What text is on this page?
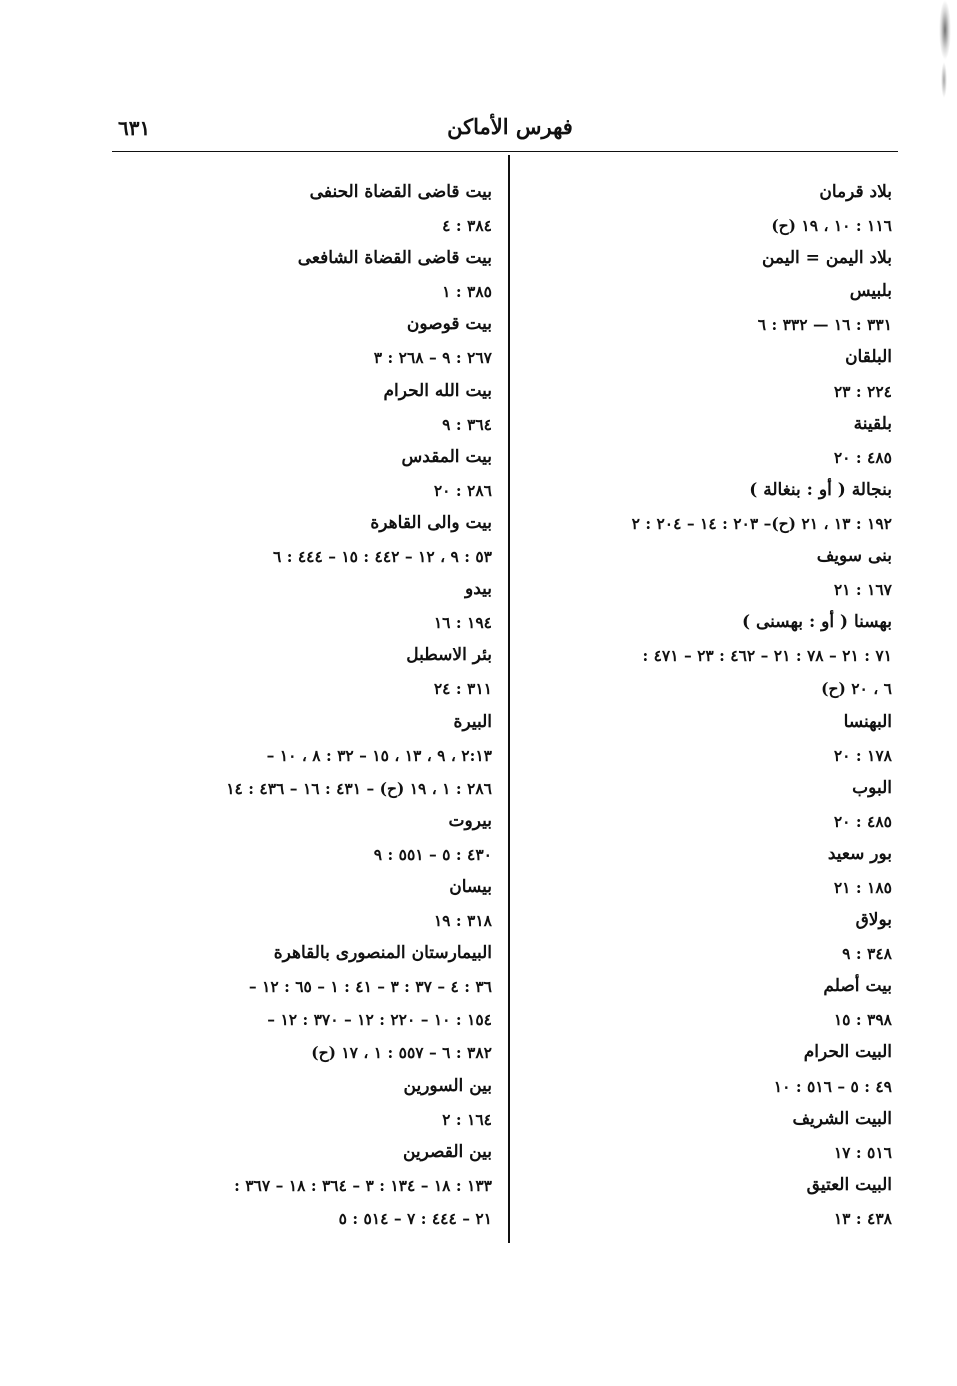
٦٣١	فهرس الأماكن
بلاد قرمان
١١٦ : ١٠ ، ١٩ (ح)
بلاد اليمن = اليمن
بلبيس
٣٣١ : ١٦ — ٣٣٢ : ٦
البلقان
٢٢٤ : ٢٣
بلقينة
٤٨٥ : ٢٠
بنجالة ( أو : بنغالة )
١٩٢ : ١٣ ، ٢١ (ح)– ٢٠٣ : ١٤ – ٢٠٤ : ٢
بنى سويف
١٦٧ : ٢١
بهسنا ( أو : بهسنى )
٧١ : ٢١ – ٧٨ : ٢١ – ٤٦٢ : ٢٣ – ٤٧١ :
٦ ، ٢٠ (ح)
البهنسا
١٧٨ : ٢٠
البوب
٤٨٥ : ٢٠
بور سعيد
١٨٥ : ٢١
بولاق
٣٤٨ : ٩
بيت أصلم
٣٩٨ : ١٥
البيت الحرام
٤٩ : ٥ – ٥١٦ : ١٠
البيت الشريف
٥١٦ : ١٧
البيت العتيق
٤٣٨ : ١٣
بيت قاضى القضاة الحنفى
٣٨٤ : ٤
بيت قاضى القضاة الشافعى
٣٨٥ : ١
بيت قوصون
٢٦٧ : ٩ – ٢٦٨ : ٣
بيت الله الحرام
٣٦٤ : ٩
بيت المقدس
٢٨٦ : ٢٠
بيت والى القاهرة
٥٣ : ٩ ، ١٢ – ٤٤٢ : ١٥ – ٤٤٤ : ٦
بيدو
١٩٤ : ١٦
بئر الاسطبل
٣١١ : ٢٤
البيرة
٢:١٣ ، ٩ ، ١٣ ، ١٥ – ٣٢ : ٨ ، ١٠ –
٢٨٦ : ١ ، ١٩ (ح) – ٤٣١ : ١٦ – ٤٣٦ : ١٤
بيروت
٤٣٠ : ٥ – ٥٥١ : ٩
بيسان
٣١٨ : ١٩
البيمارستان المنصورى بالقاهرة
٣٦ : ٤ – ٣٧ : ٣ – ٤١ : ١ – ٦٥ : ١٢ –
١٥٤ : ١٠ – ٢٢٠ : ١٢ – ٣٧٠ : ١٢ –
٣٨٢ : ٦ – ٥٥٧ : ١ ، ١٧ (ح)
بين السورين
١٦٤ : ٢
بين القصرين
١٣٣ : ١٨ – ١٣٤ : ٣ – ٣٦٤ : ١٨ – ٣٦٧ :
٢١ – ٤٤٤ : ٧ – ٥١٤ : ٥
